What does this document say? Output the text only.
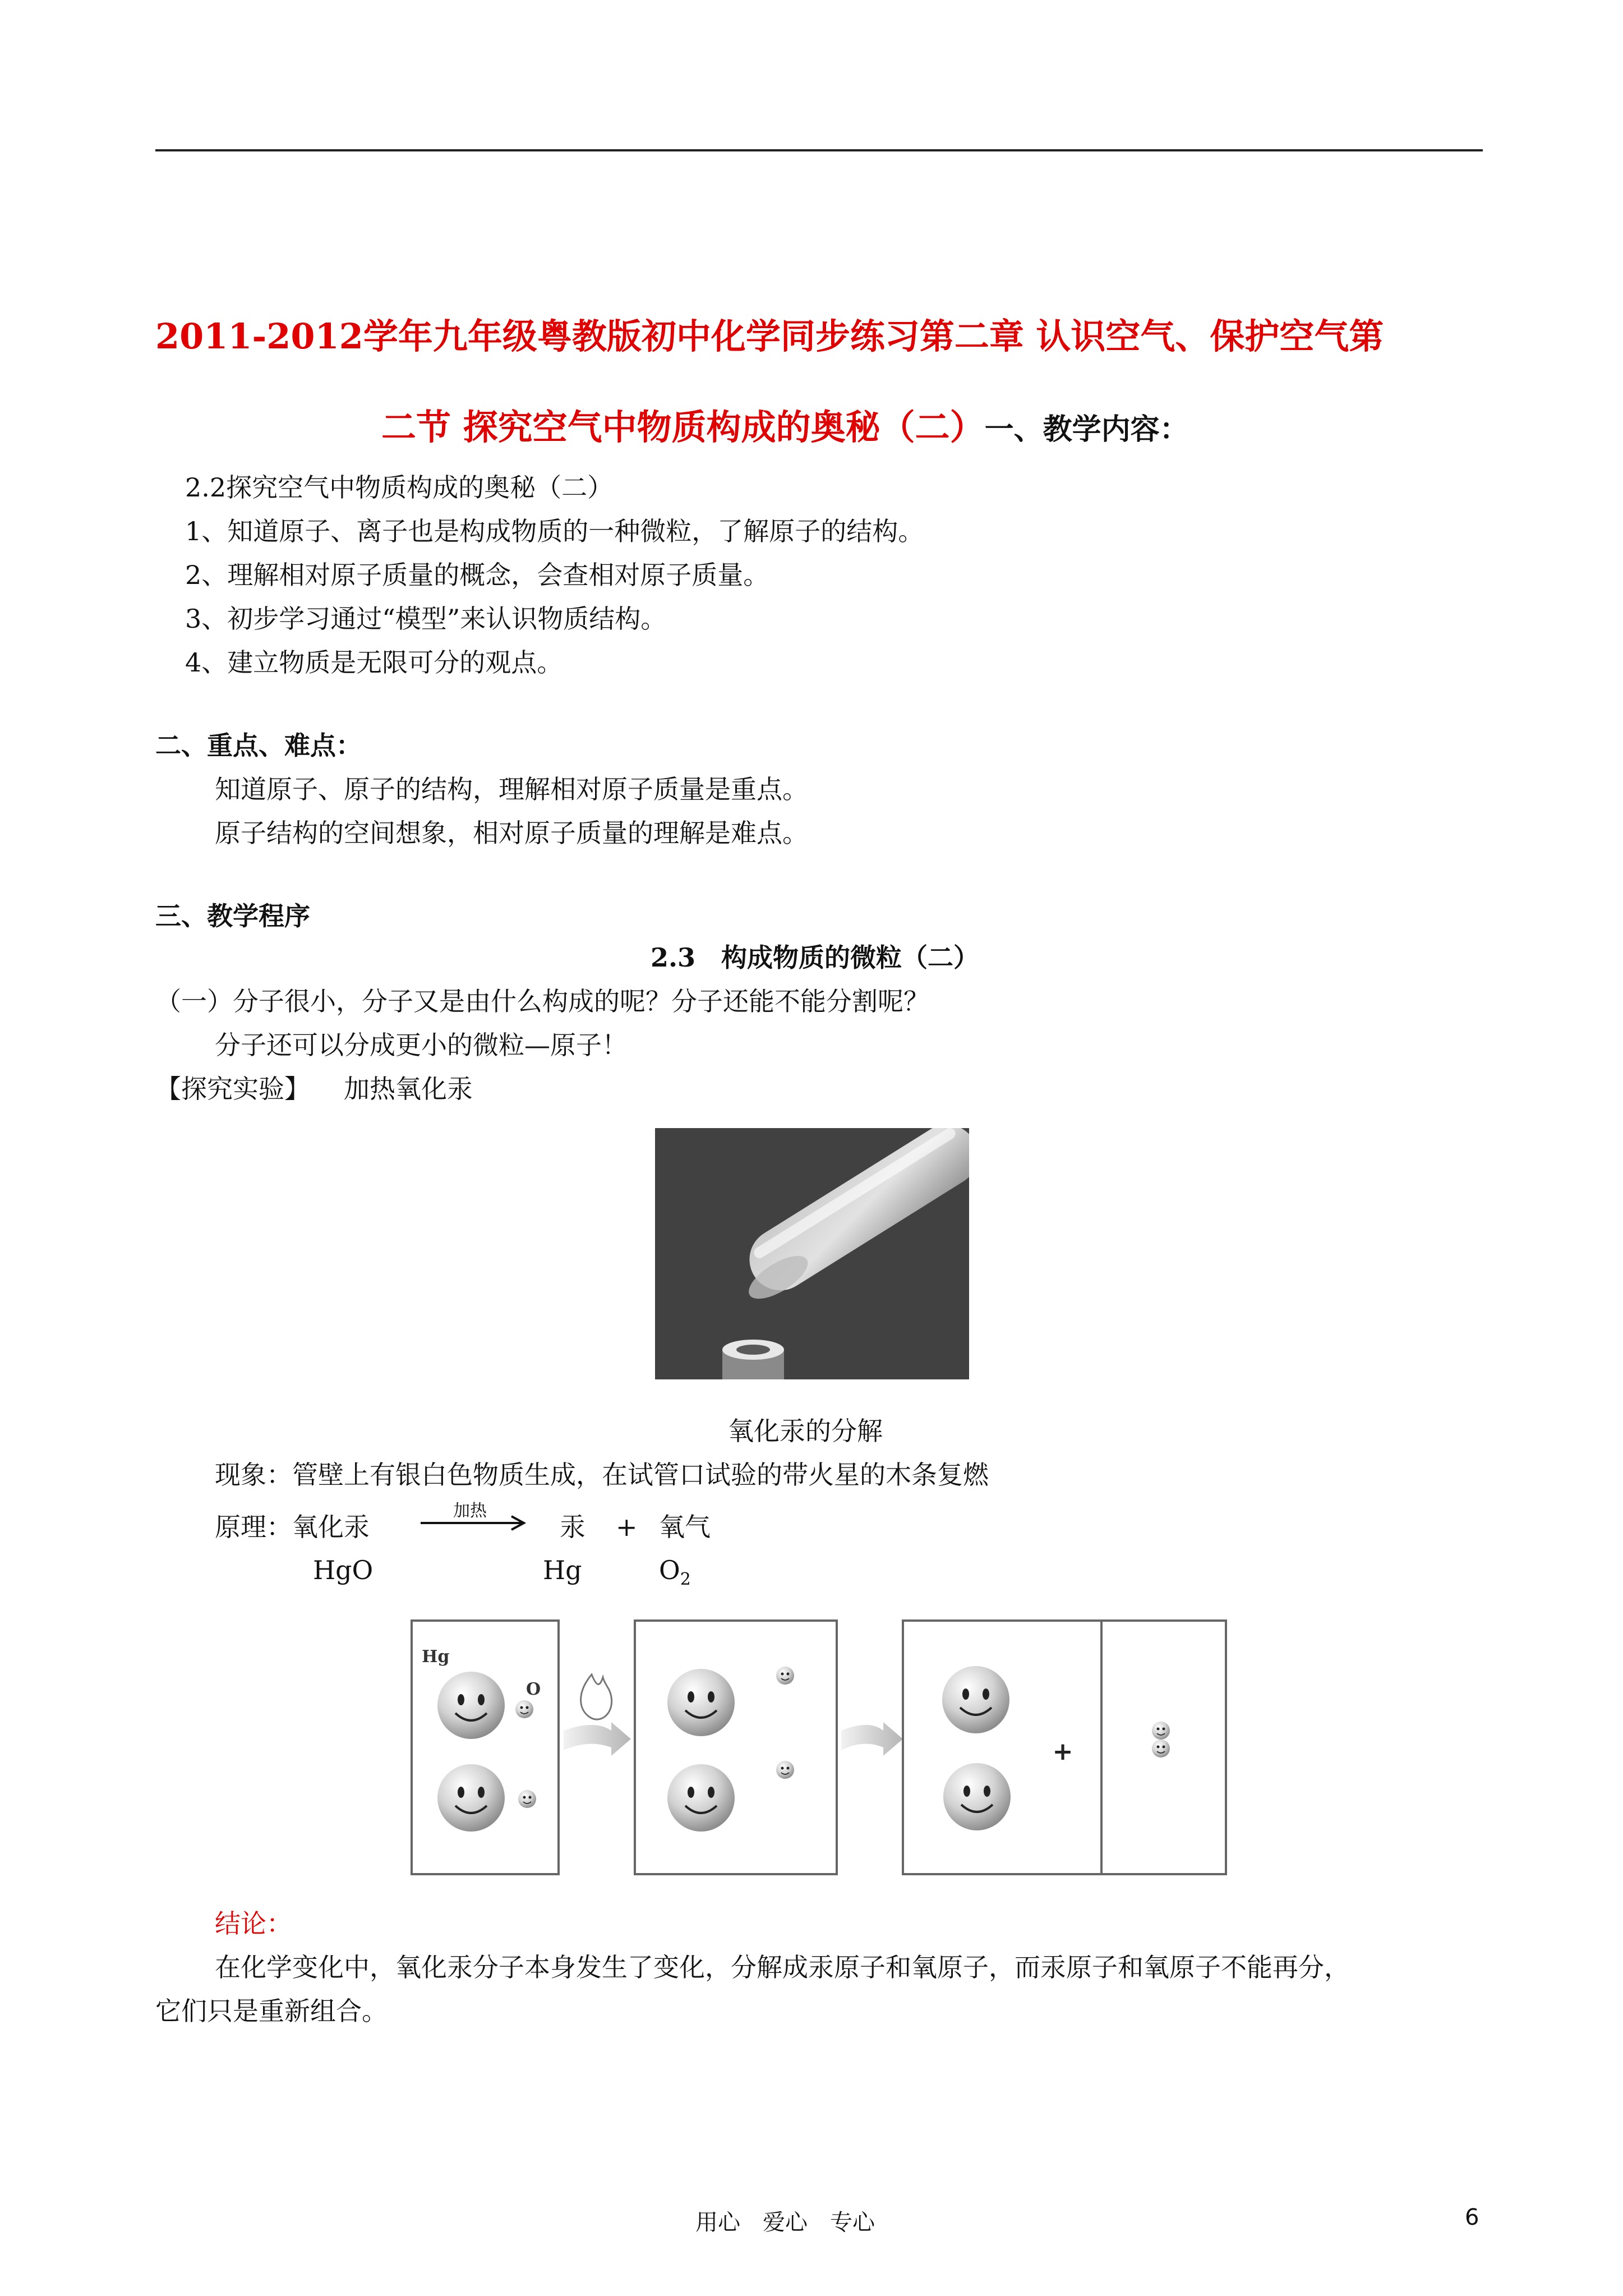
2011-2012学年九年级粤教版初中化学同步练习第二章 认识空气、保护空气第
二节 探究空气中物质构成的奥秘（二）一、教学内容：
2.2探究空气中物质构成的奥秘（二）
1、知道原子、离子也是构成物质的一种微粒，了解原子的结构。
2、理解相对原子质量的概念，会查相对原子质量。
3、初步学习通过“模型”来认识物质结构。
4、建立物质是无限可分的观点。
二、重点、难点：
知道原子、原子的结构，理解相对原子质量是重点。
原子结构的空间想象，相对原子质量的理解是难点。
三、教学程序
2.3　构成物质的微粒（二）
（一）分子很小，分子又是由什么构成的呢？分子还能不能分割呢？
分子还可以分成更小的微粒—原子！
【探究实验】 加热氧化汞
氧化汞的分解
现象：管壁上有银白色物质生成，在试管口试验的带火星的木条复燃
原理：氧化汞
加热
汞 + 氧气
HgO	Hg	$O_2$
Hg
O
+
结论：
在化学变化中，氧化汞分子本身发生了变化，分解成汞原子和氧原子，而汞原子和氧原子不能再分，
它们只是重新组合。
用心　爱心　专心	6
